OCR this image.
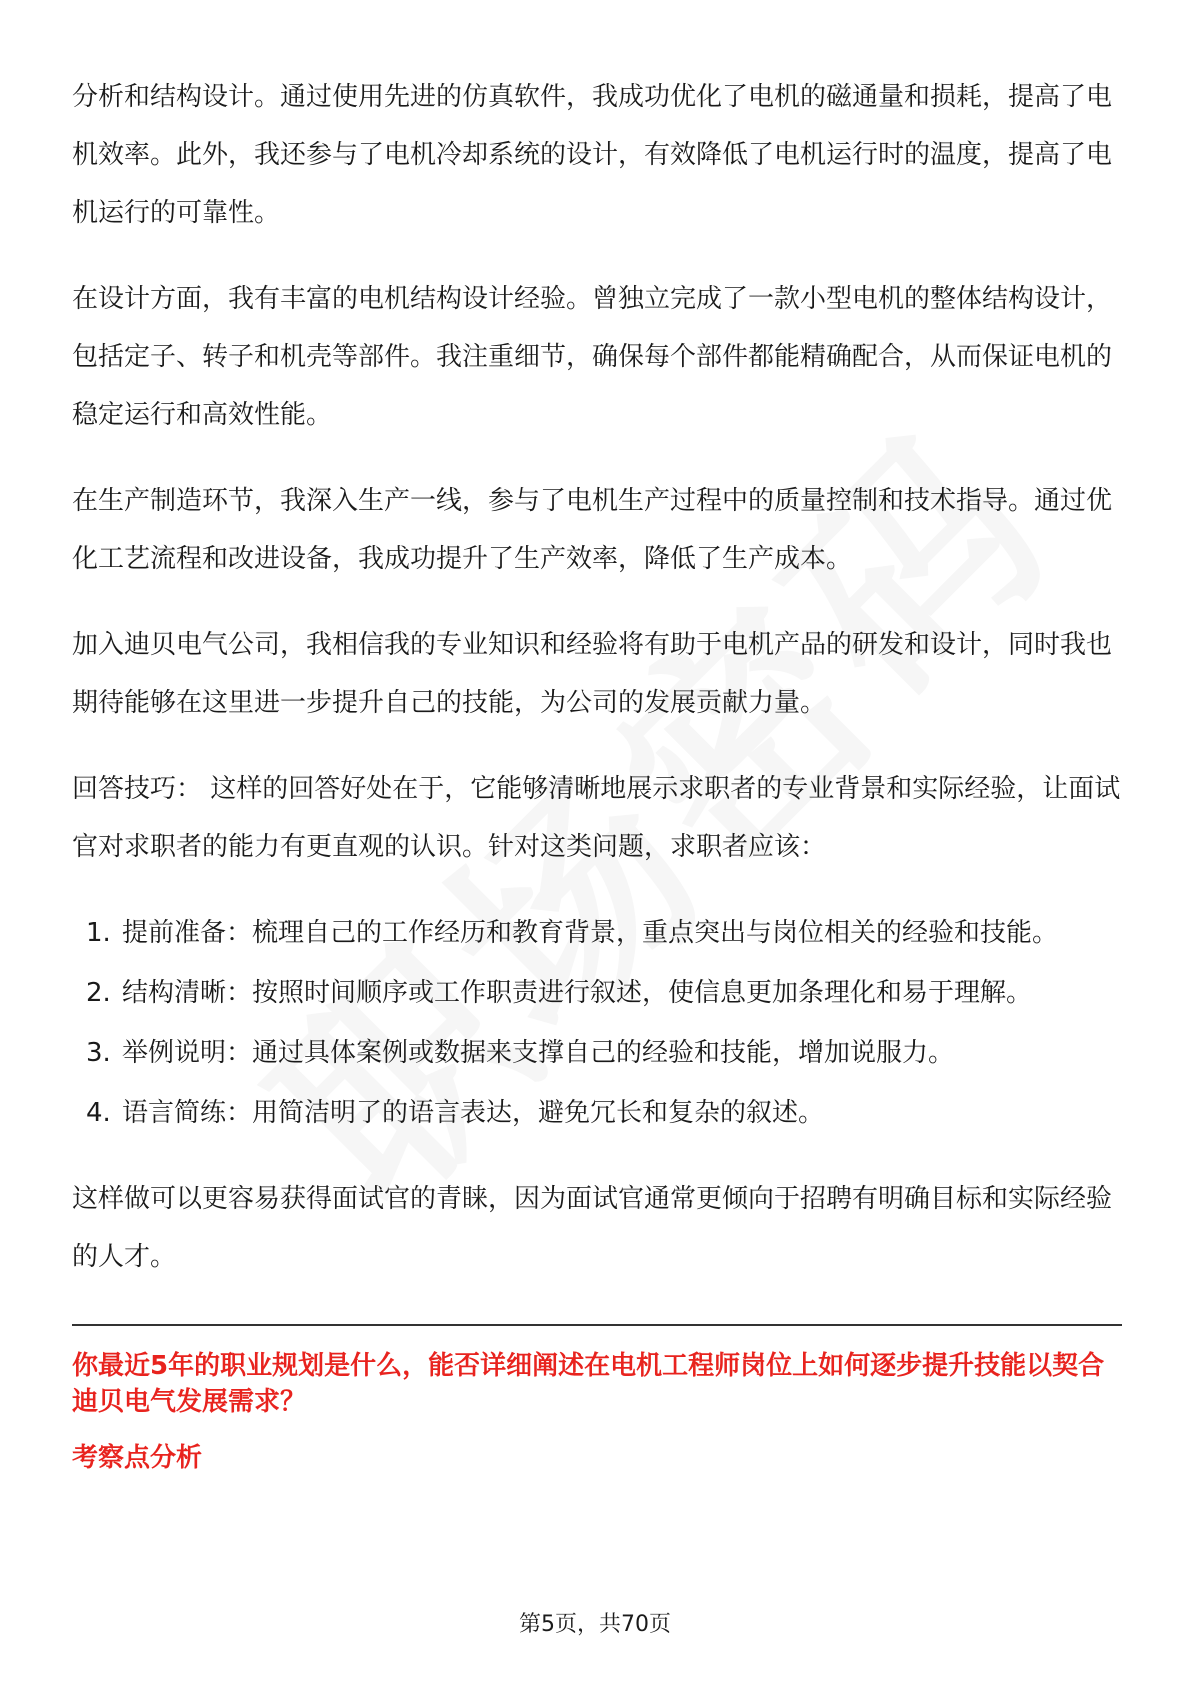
分析和结构设计。通过使用先进的仿真软件，我成功优化了电机的磁通量和损耗，提高了电机效率。此外，我还参与了电机冷却系统的设计，有效降低了电机运行时的温度，提高了电机运行的可靠性。

在设计方面，我有丰富的电机结构设计经验。曾独立完成了一款小型电机的整体结构设计，包括定子、转子和机壳等部件。我注重细节，确保每个部件都能精确配合，从而保证电机的稳定运行和高效性能。

在生产制造环节，我深入生产一线，参与了电机生产过程中的质量控制和技术指导。通过优化工艺流程和改进设备，我成功提升了生产效率，降低了生产成本。

加入迪贝电气公司，我相信我的专业知识和经验将有助于电机产品的研发和设计，同时我也期待能够在这里进一步提升自己的技能，为公司的发展贡献力量。

回答技巧： 这样的回答好处在于，它能够清晰地展示求职者的专业背景和实际经验，让面试官对求职者的能力有更直观的认识。针对这类问题，求职者应该：

1. 提前准备：梳理自己的工作经历和教育背景，重点突出与岗位相关的经验和技能。
2. 结构清晰：按照时间顺序或工作职责进行叙述，使信息更加条理化和易于理解。
3. 举例说明：通过具体案例或数据来支撑自己的经验和技能，增加说服力。
4. 语言简练：用简洁明了的语言表达，避免冗长和复杂的叙述。

这样做可以更容易获得面试官的青睐，因为面试官通常更倾向于招聘有明确目标和实际经验的人才。

你最近5年的职业规划是什么，能否详细阐述在电机工程师岗位上如何逐步提升技能以契合迪贝电气发展需求？
考察点分析
第5页，共70页
